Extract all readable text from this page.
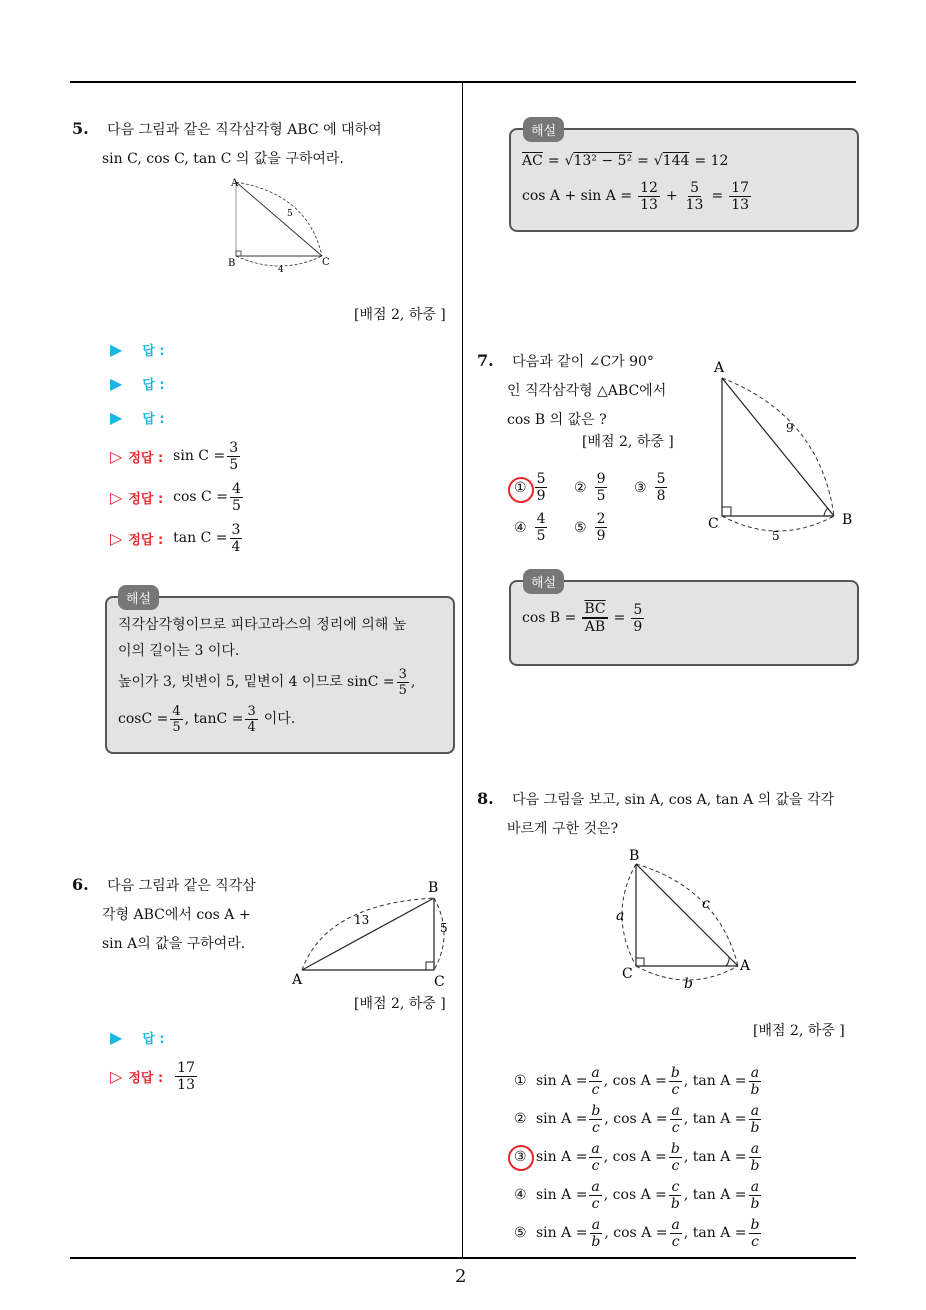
2
5. 다음 그림과 같은 직각삼각형 ABC 에 대하여
sin C, cos C, tan C 의 값을 구하여라.
A
B	C
5
4
[배점 2, 하중 ]
▶ 답 :
▶ 답 :
▶ 답 :
▷ 정답 : $\sin C = \frac{3}{5}$
▷ 정답 : $\cos C = \frac{4}{5}$
▷ 정답 : $\tan C = \frac{3}{4}$
해설
직각삼각형이므로 피타고라스의 정리에 의해 높
이의 길이는 3 이다.
높이가 3, 빗변이 5, 밑변이 4 이므로 $\sin C = \frac{3}{5}$ ,
$\cos C = \frac{4}{5}$ , $\tan C = \frac{3}{4}$ 이다.
6. 다음 그림과 같은 직각삼
각형 ABC에서 cos A +
sin A의 값을 구하여라.
A
B
C
13
5
[배점 2, 하중 ]
▶ 답 :
▷ 정답 : $\frac{17}{13}$
해설
$\overline{AC}$ = √ 13² − 5² = √ 144 = 12
$\cos A + \sin A = \frac{12}{13} + \frac{5}{13} = \frac{17}{13}$
7. 다음과 같이 ∠C가 90°
인 직각삼각형 △ABC에서
cos B 의 값은 ?
[배점 2, 하중 ]
A
C	B
9
5
① $\frac{5}{9}$ ② $\frac{9}{5}$ ③ $\frac{5}{8}$
④ $\frac{4}{5}$ ⑤ $\frac{2}{9}$
해설
$\cos B = \frac{\overline{BC}}{AB} = \frac{5}{9}$
8. 다음 그림을 보고, sin A, cos A, tan A 의 값을 각각
바르게 구한 것은?
B
C	A
a
c
b
[배점 2, 하중 ]
① $\sin A = \frac{a}{c}$ , $\cos A = \frac{b}{c}$ , $\tan A = \frac{a}{b}$
② $\sin A = \frac{b}{c}$ , $\cos A = \frac{a}{c}$ , $\tan A = \frac{a}{b}$
③ $\sin A = \frac{a}{c}$ , $\cos A = \frac{b}{c}$ , $\tan A = \frac{a}{b}$
④ $\sin A = \frac{a}{c}$ , $\cos A = \frac{c}{b}$ , $\tan A = \frac{a}{b}$
⑤ $\sin A = \frac{a}{b}$ , $\cos A = \frac{a}{c}$ , $\tan A = \frac{b}{c}$
